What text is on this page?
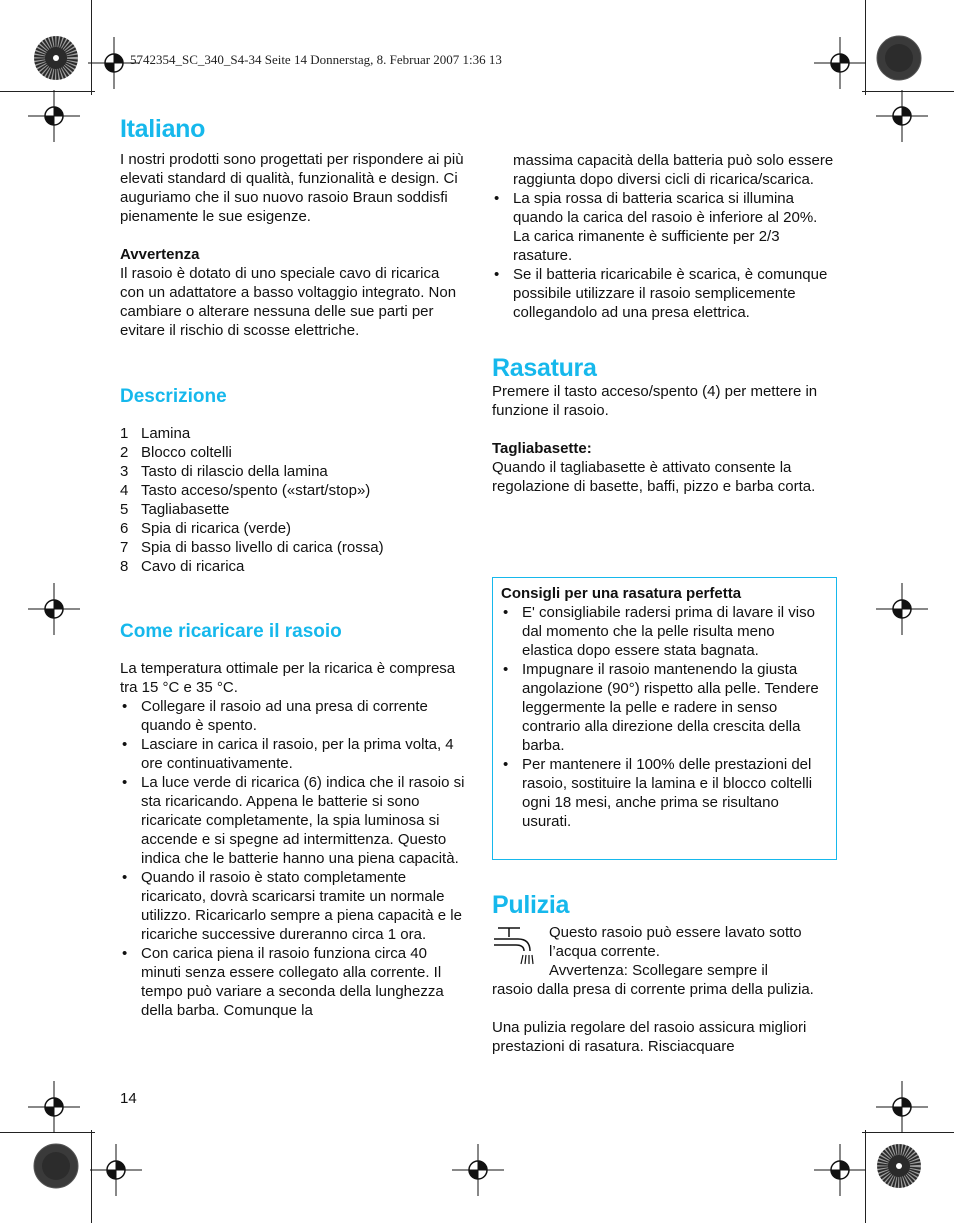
5742354_SC_340_S4-34 Seite 14 Donnerstag, 8. Februar 2007 1:36 13
Italiano

I nostri prodotti sono progettati per rispondere ai più elevati standard di qualità, funzionalità e design. Ci auguriamo che il suo nuovo rasoio Braun soddisfi pienamente le sue esigenze.

Avvertenza

Il rasoio è dotato di uno speciale cavo di ricarica con un adattatore a basso voltaggio integrato. Non cambiare o alterare nessuna delle sue parti per evitare il rischio di scosse elettriche.

Descrizione
1 Lamina
2 Blocco coltelli
3 Tasto di rilascio della lamina
4 Tasto acceso/spento («start/stop»)
5 Tagliabasette
6 Spia di ricarica (verde)
7 Spia di basso livello di carica (rossa)
8 Cavo di ricarica
Come ricaricare il rasoio

La temperatura ottimale per la ricarica è compresa tra 15 °C e 35 °C.

• Collegare il rasoio ad una presa di corrente quando è spento.
• Lasciare in carica il rasoio, per la prima volta, 4 ore continuativamente.
• La luce verde di ricarica (6) indica che il rasoio si sta ricaricando. Appena le batterie si sono ricaricate completamente, la spia luminosa si accende e si spegne ad intermittenza. Questo indica che le batterie hanno una piena capacità.
• Quando il rasoio è stato completamente ricaricato, dovrà scaricarsi tramite un normale utilizzo. Ricaricarlo sempre a piena capacità e le ricariche successive dureranno circa 1 ora.
• Con carica piena il rasoio funziona circa 40 minuti senza essere collegato alla corrente. Il tempo può variare a seconda della lunghezza della barba. Comunque la
14

massima capacità della batteria può solo essere raggiunta dopo diversi cicli di ricarica/scarica.

• La spia rossa di batteria scarica si illumina quando la carica del rasoio è inferiore al 20%. La carica rimanente è sufficiente per 2/3 rasature.
• Se il batteria ricaricabile è scarica, è comunque possibile utilizzare il rasoio semplicemente collegandolo ad una presa elettrica.
Rasatura

Premere il tasto acceso/spento (4) per mettere in funzione il rasoio.

Tagliabasette:

Quando il tagliabasette è attivato consente la regolazione di basette, baffi, pizzo e barba corta.

Consigli per una rasatura perfetta

• E' consigliabile radersi prima di lavare il viso dal momento che la pelle risulta meno elastica dopo essere stata bagnata.
• Impugnare il rasoio mantenendo la giusta angolazione (90°) rispetto alla pelle. Tendere leggermente la pelle e radere in senso contrario alla direzione della crescita della barba.
• Per mantenere il 100% delle prestazioni del rasoio, sostituire la lamina e il blocco coltelli ogni 18 mesi, anche prima se risultano usurati.
Pulizia

Questo rasoio può essere lavato sotto

l’acqua corrente.

Avvertenza: Scollegare sempre il

rasoio dalla presa di corrente prima della pulizia.

Una pulizia regolare del rasoio assicura migliori prestazioni di rasatura. Risciacquare
